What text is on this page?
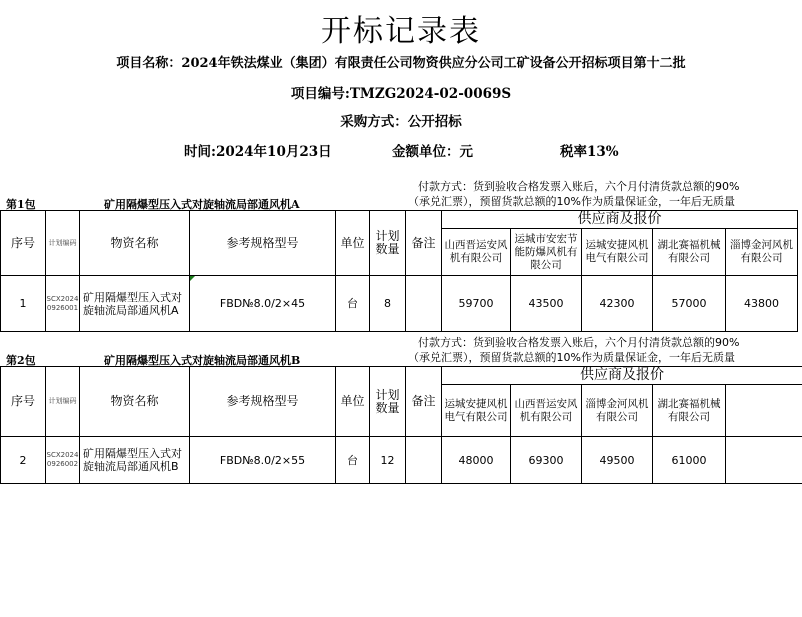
开标记录表
项目名称：2024年铁法煤业（集团）有限责任公司物资供应分公司工矿设备公开招标项目第十二批
项目编号:TMZG2024-02-0069S
采购方式：公开招标
时间:2024年10月23日	金额单位：元	税率13%
付款方式：货到验收合格发票入账后，六个月付清货款总额的90%
第1包	矿用隔爆型压入式对旋轴流局部通风机A	（承兑汇票），预留货款总额的10%作为质量保证金，一年后无质量
序号	计划编码	物资名称	参考规格型号	单位	计划数量	备注	供应商及报价					
							山西晋运安风机有限公司	运城市安宏节能防爆风机有限公司	运城安捷风机电气有限公司	湖北赛福机械有限公司	淄博金河风机有限公司	
1	SCX20240926001	矿用隔爆型压入式对旋轴流局部通风机A	FBD№8.0/2×45	台	8		59700	43500	42300	57000	43800	
付款方式：货到验收合格发票入账后，六个月付清货款总额的90%
第2包	矿用隔爆型压入式对旋轴流局部通风机B	（承兑汇票），预留货款总额的10%作为质量保证金，一年后无质量
序号	计划编码	物资名称	参考规格型号	单位	计划数量	备注	供应商及报价				
							运城安捷风机电气有限公司	山西晋运安风机有限公司	淄博金河风机有限公司	湖北赛福机械有限公司	
2	SCX20240926002	矿用隔爆型压入式对旋轴流局部通风机B	FBD№8.0/2×55	台	12		48000	69300	49500	61000	
